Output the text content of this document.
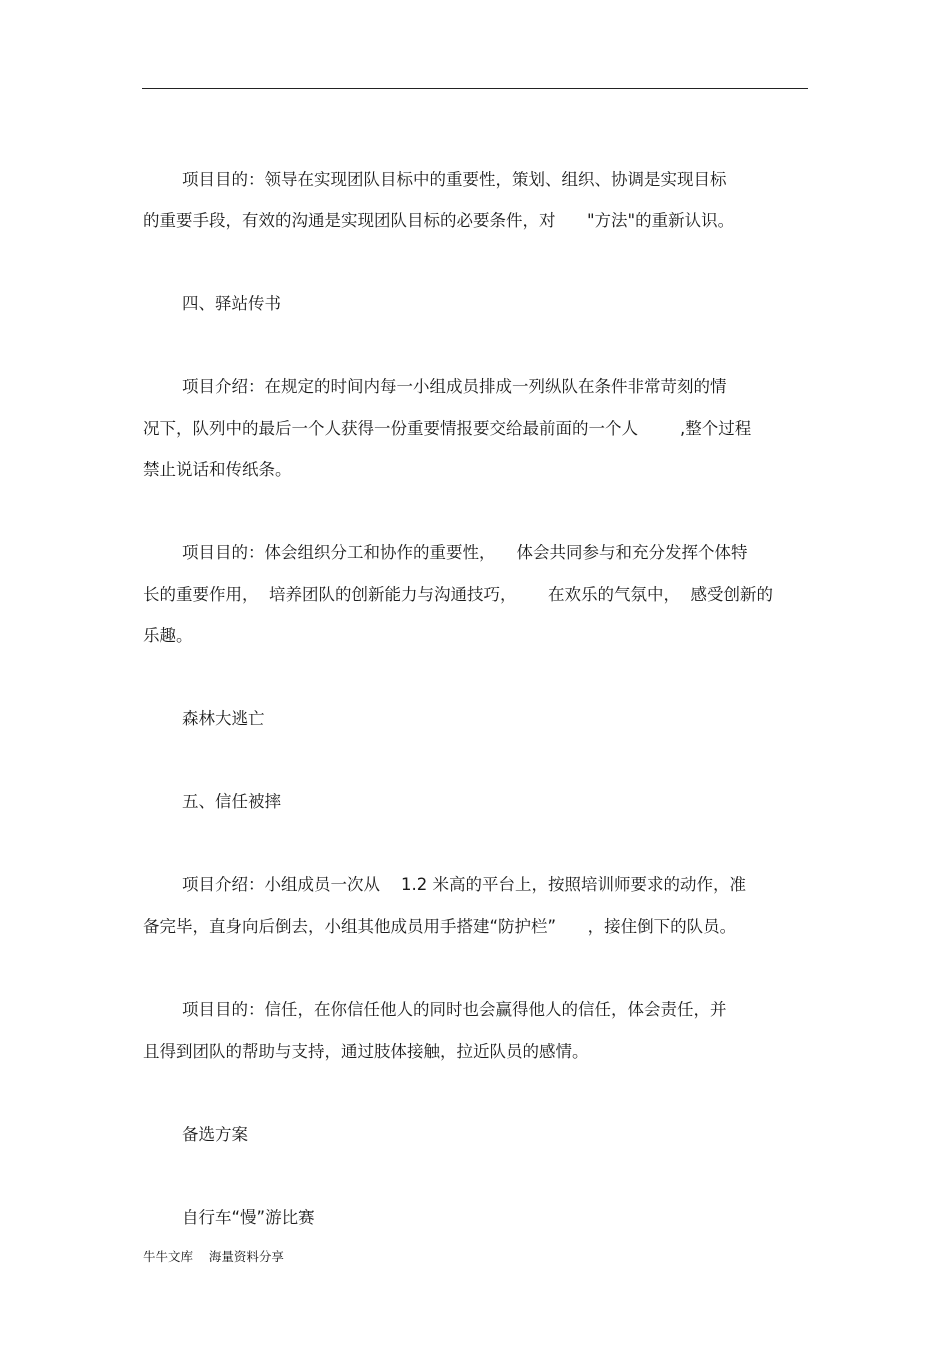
项目目的：领导在实现团队目标中的重要性，策划、组织、协调是实现目标
的重要手段，有效的沟通是实现团队目标的必要条件，对      "方法"的重新认识。
四、驿站传书
项目介绍：在规定的时间内每一小组成员排成一列纵队在条件非常苛刻的情
况下，队列中的最后一个人获得一份重要情报要交给最前面的一个人        ,整个过程
禁止说话和传纸条。
项目目的：体会组织分工和协作的重要性，    体会共同参与和充分发挥个体特
长的重要作用，  培养团队的创新能力与沟通技巧，      在欢乐的气氛中，  感受创新的
乐趣。
森林大逃亡
五、信任被摔
项目介绍：小组成员一次从    1.2 米高的平台上，按照培训师要求的动作，准
备完毕，直身向后倒去，小组其他成员用手搭建“防护栏”      ，接住倒下的队员。
项目目的：信任，在你信任他人的同时也会赢得他人的信任，体会责任，并
且得到团队的帮助与支持，通过肢体接触，拉近队员的感情。
备选方案
自行车“慢”游比赛
牛牛文库    海量资料分享
